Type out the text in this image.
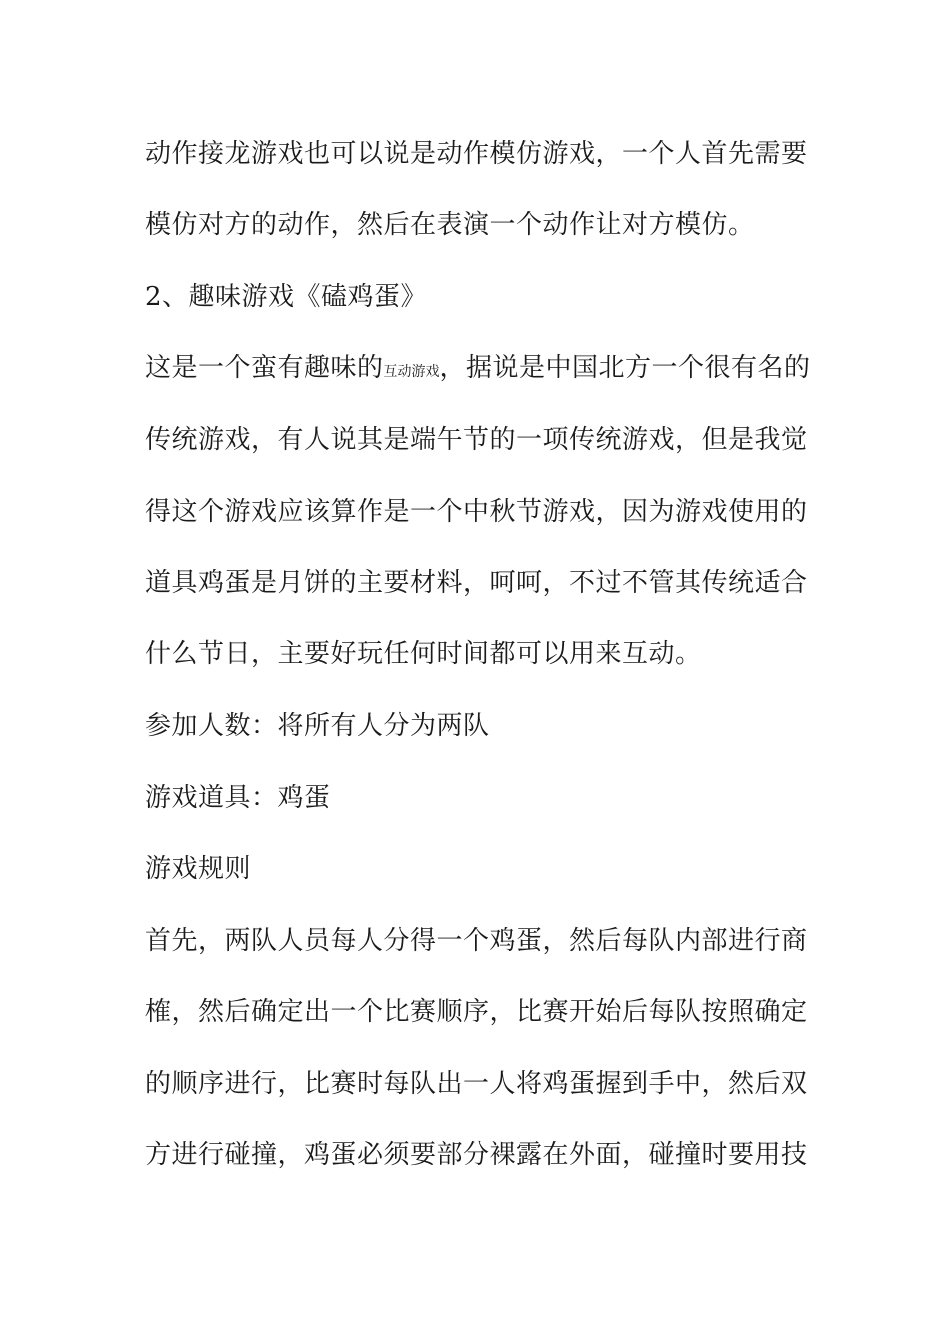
动作接龙游戏也可以说是动作模仿游戏，一个人首先需要
模仿对方的动作，然后在表演一个动作让对方模仿。
2、趣味游戏《磕鸡蛋》
这是一个蛮有趣味的互动游戏，据说是中国北方一个很有名的
传统游戏，有人说其是端午节的一项传统游戏，但是我觉
得这个游戏应该算作是一个中秋节游戏，因为游戏使用的
道具鸡蛋是月饼的主要材料，呵呵，不过不管其传统适合
什么节日，主要好玩任何时间都可以用来互动。
参加人数：将所有人分为两队
游戏道具：鸡蛋
游戏规则
首先，两队人员每人分得一个鸡蛋，然后每队内部进行商
榷，然后确定出一个比赛顺序，比赛开始后每队按照确定
的顺序进行，比赛时每队出一人将鸡蛋握到手中，然后双
方进行碰撞，鸡蛋必须要部分裸露在外面，碰撞时要用技
